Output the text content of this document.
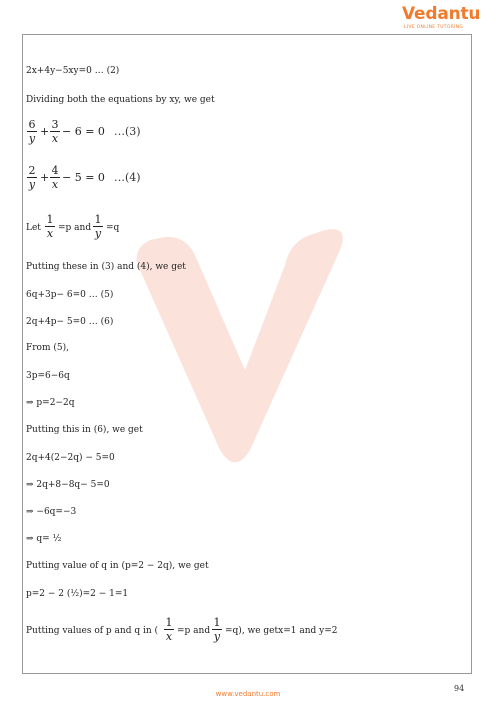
Vedantu
LIVE ONLINE TUTORING
2x+4y−5xy=0 … (2)
Dividing both the equations by xy, we get
6
y
+
3
x
− 6 = 0 …(3)
2
y
+
4
x
− 5 = 0 …(4)
Let
1
x =p and
1
y =q
Putting these in (3) and (4), we get
6q+3p− 6=0 … (5)
2q+4p− 5=0 … (6)
From (5),
3p=6−6q
⇒ p=2−2q
Putting this in (6), we get
2q+4(2−2q) − 5=0
⇒ 2q+8−8q− 5=0
⇒ −6q=−3
⇒ q= ½
Putting value of q in (p=2 − 2q), we get
p=2 − 2 (½)=2 − 1=1
Putting values of p and q in (
1
x =p and
1
y =q), we getx=1 and y=2
94
www.vedantu.com
